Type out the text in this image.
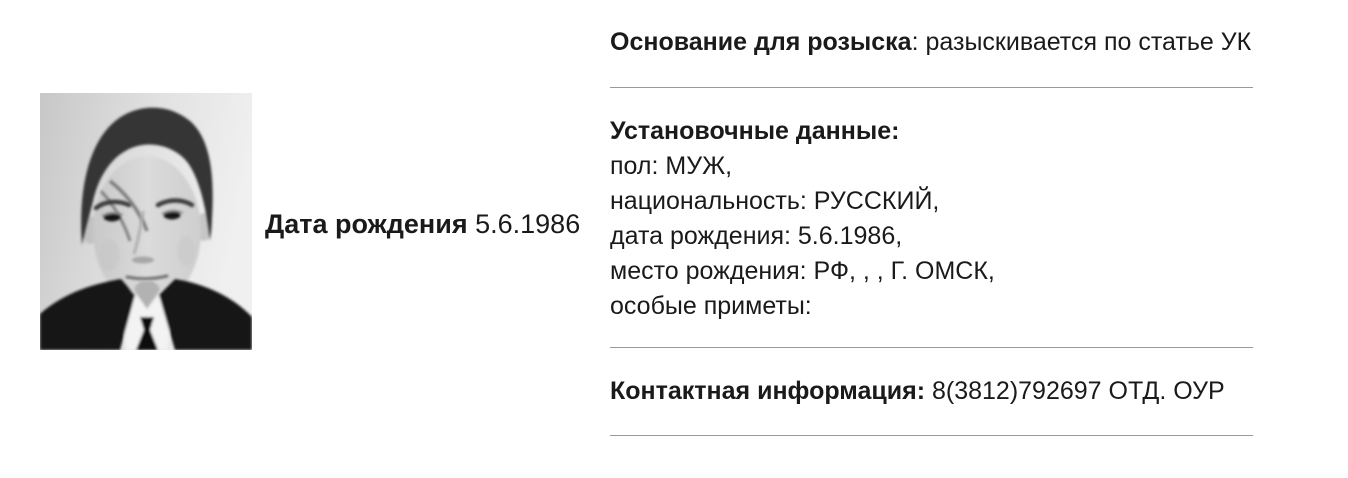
Дата рождения 5.6.1986
Основание для розыска: разыскивается по статье УК
Установочные данные:
пол: МУЖ,
национальность: РУССКИЙ,
дата рождения: 5.6.1986,
место рождения: РФ, , , Г. ОМСК,
особые приметы:
Контактная информация: 8(3812)792697 ОТД. ОУР
